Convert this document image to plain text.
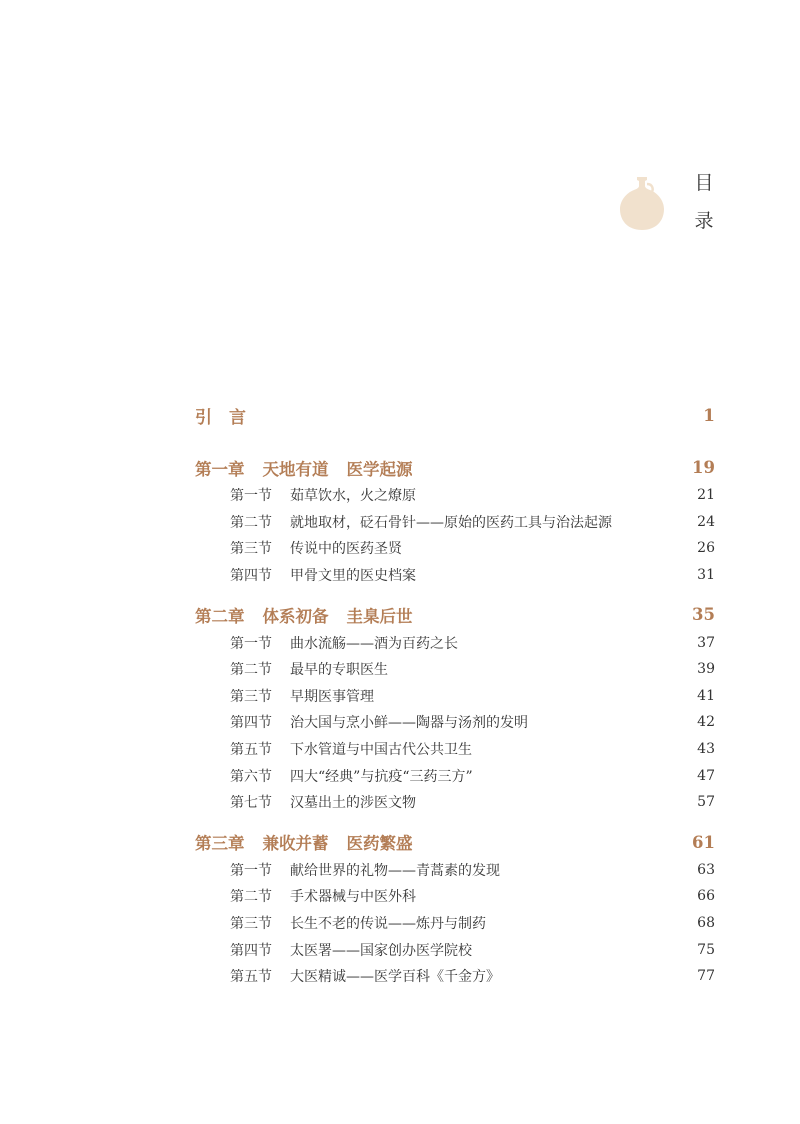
目
录
引　言	1
第一章 天地有道 医学起源	19
第一节 茹草饮水，火之燎原	21
第二节 就地取材，砭石骨针——原始的医药工具与治法起源	24
第三节 传说中的医药圣贤	26
第四节 甲骨文里的医史档案	31
第二章 体系初备 圭臬后世	35
第一节 曲水流觞——酒为百药之长	37
第二节 最早的专职医生	39
第三节 早期医事管理	41
第四节 治大国与烹小鲜——陶器与汤剂的发明	42
第五节 下水管道与中国古代公共卫生	43
第六节 四大“经典”与抗疫“三药三方”	47
第七节 汉墓出土的涉医文物	57
第三章 兼收并蓄 医药繁盛	61
第一节 献给世界的礼物——青蒿素的发现	63
第二节 手术器械与中医外科	66
第三节 长生不老的传说——炼丹与制药	68
第四节 太医署——国家创办医学院校	75
第五节 大医精诚——医学百科《千金方》	77
